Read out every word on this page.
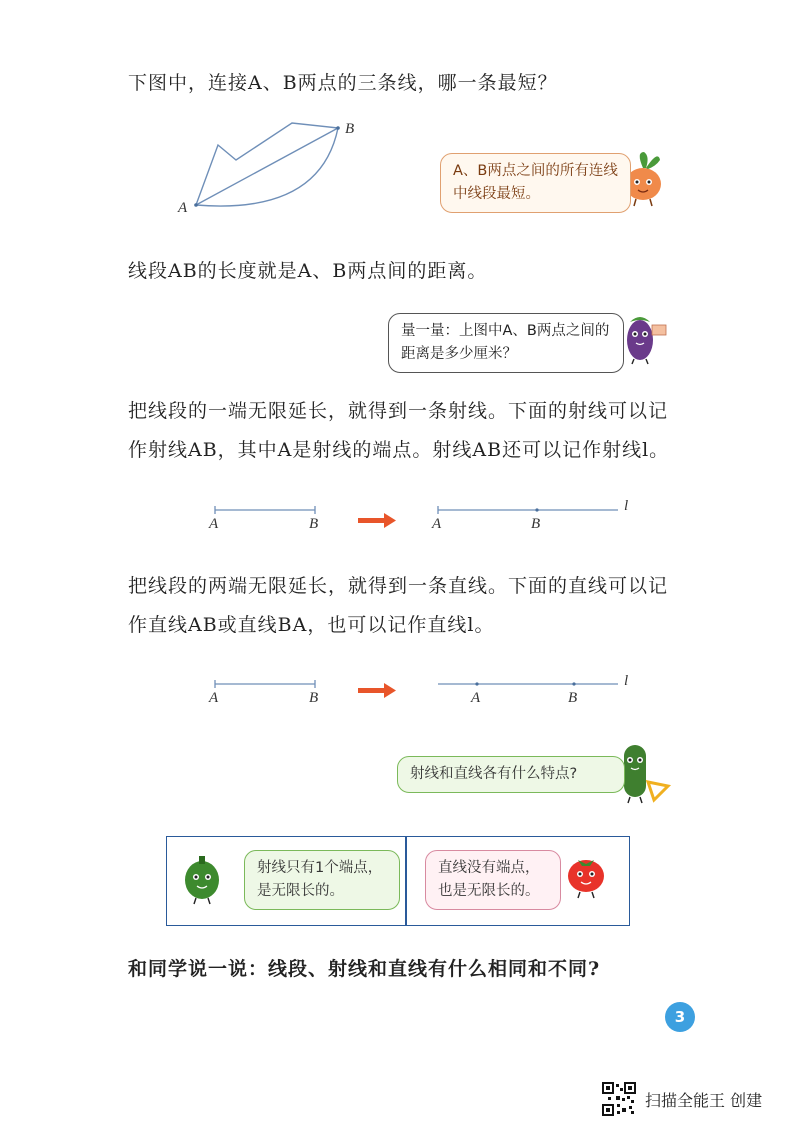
下图中，连接A、B两点的三条线，哪一条最短？
A
B
A、B两点之间的所有连线中线段最短。
线段AB的长度就是A、B两点间的距离。
量一量：上图中A、B两点之间的距离是多少厘米？
把线段的一端无限延长，就得到一条射线。下面的射线可以记
作射线AB，其中A是射线的端点。射线AB还可以记作射线l。
A	B	A	B
l
把线段的两端无限延长，就得到一条直线。下面的直线可以记
作直线AB或直线BA，也可以记作直线l。
A	B	A	B
l
射线和直线各有什么特点?
射线只有1个端点，是无限长的。
直线没有端点，也是无限长的。
和同学说一说：线段、射线和直线有什么相同和不同?
3
扫描全能王 创建
